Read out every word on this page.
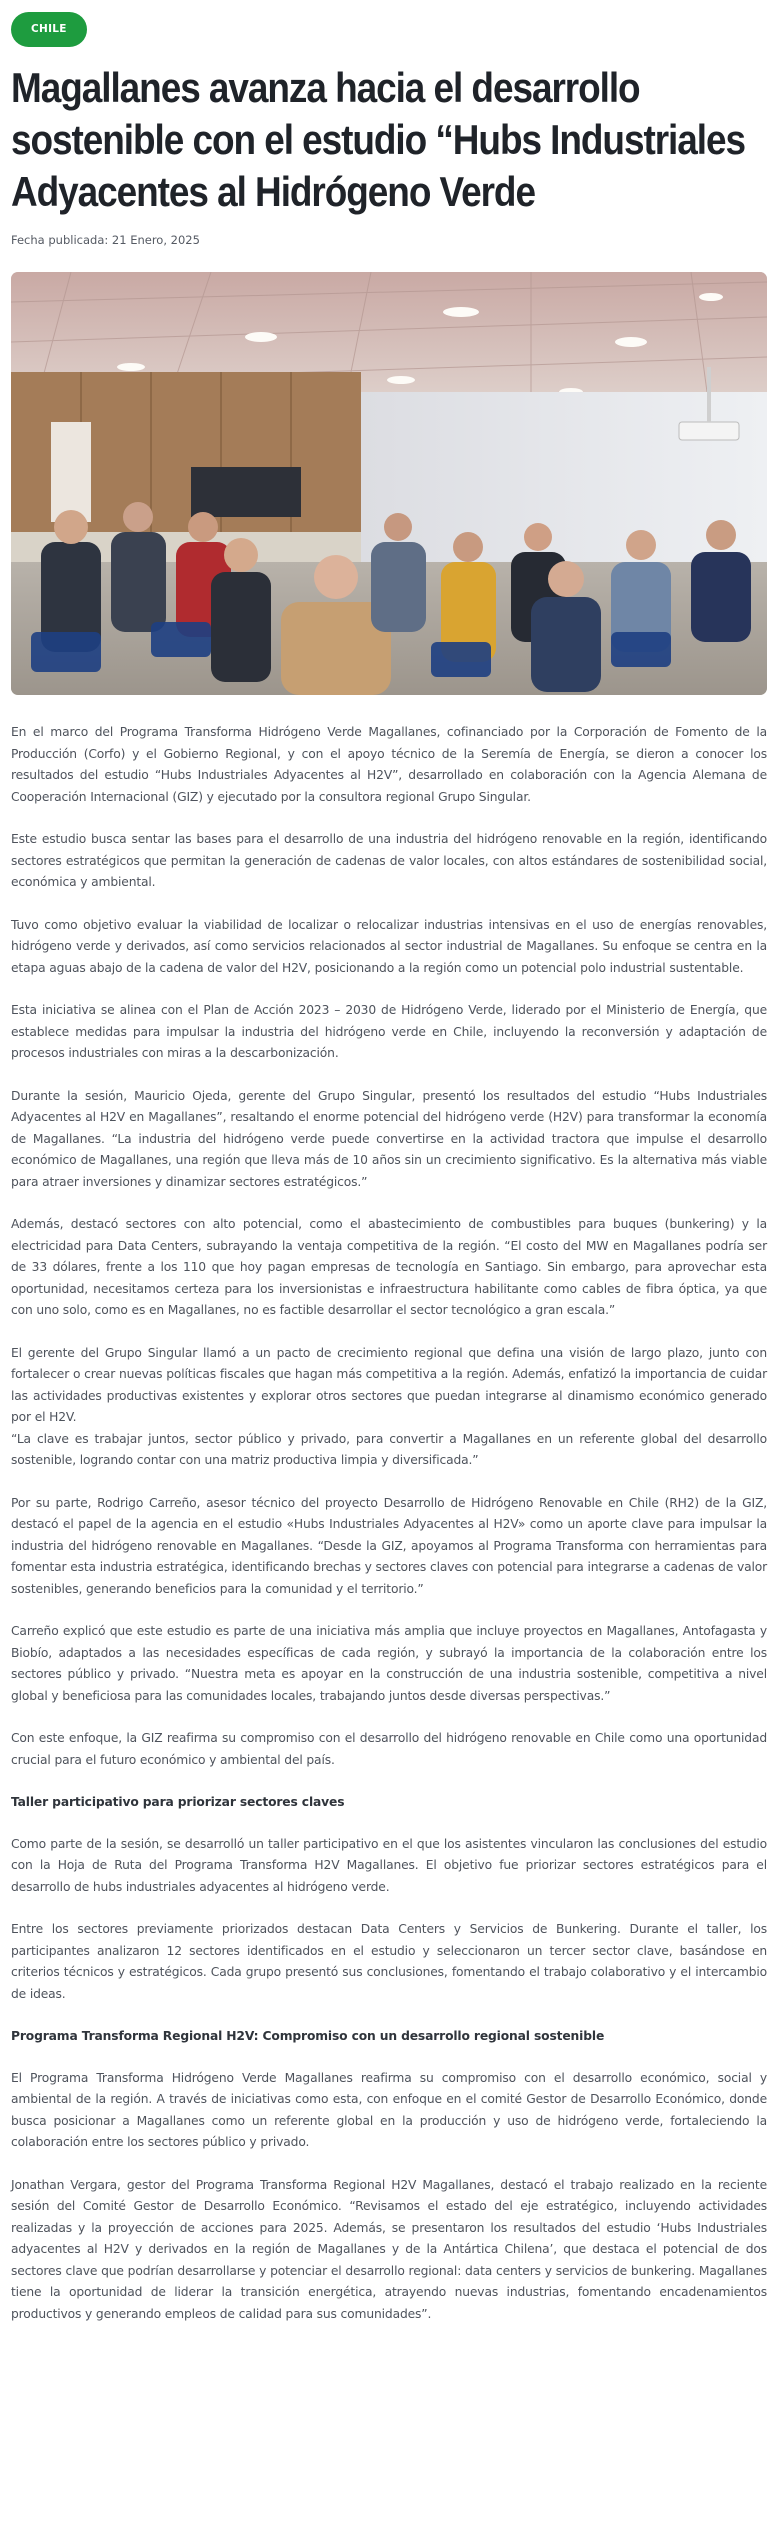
CHILE
Magallanes avanza hacia el desarrollo sostenible con el estudio “Hubs Industriales Adyacentes al Hidrógeno Verde
Fecha publicada: 21 Enero, 2025

En el marco del Programa Transforma Hidrógeno Verde Magallanes, cofinanciado por la Corporación de Fomento de la Producción (Corfo) y el Gobierno Regional, y con el apoyo técnico de la Seremía de Energía, se dieron a conocer los resultados del estudio “Hubs Industriales Adyacentes al H2V”, desarrollado en colaboración con la Agencia Alemana de Cooperación Internacional (GIZ) y ejecutado por la consultora regional Grupo Singular.

Este estudio busca sentar las bases para el desarrollo de una industria del hidrógeno renovable en la región, identificando sectores estratégicos que permitan la generación de cadenas de valor locales, con altos estándares de sostenibilidad social, económica y ambiental.

Tuvo como objetivo evaluar la viabilidad de localizar o relocalizar industrias intensivas en el uso de energías renovables, hidrógeno verde y derivados, así como servicios relacionados al sector industrial de Magallanes. Su enfoque se centra en la etapa aguas abajo de la cadena de valor del H2V, posicionando a la región como un potencial polo industrial sustentable.

Esta iniciativa se alinea con el Plan de Acción 2023 – 2030 de Hidrógeno Verde, liderado por el Ministerio de Energía, que establece medidas para impulsar la industria del hidrógeno verde en Chile, incluyendo la reconversión y adaptación de procesos industriales con miras a la descarbonización.

Durante la sesión, Mauricio Ojeda, gerente del Grupo Singular, presentó los resultados del estudio “Hubs Industriales Adyacentes al H2V en Magallanes”, resaltando el enorme potencial del hidrógeno verde (H2V) para transformar la economía de Magallanes. “La industria del hidrógeno verde puede convertirse en la actividad tractora que impulse el desarrollo económico de Magallanes, una región que lleva más de 10 años sin un crecimiento significativo. Es la alternativa más viable para atraer inversiones y dinamizar sectores estratégicos.”

Además, destacó sectores con alto potencial, como el abastecimiento de combustibles para buques (bunkering) y la electricidad para Data Centers, subrayando la ventaja competitiva de la región. “El costo del MW en Magallanes podría ser de 33 dólares, frente a los 110 que hoy pagan empresas de tecnología en Santiago. Sin embargo, para aprovechar esta oportunidad, necesitamos certeza para los inversionistas e infraestructura habilitante como cables de fibra óptica, ya que con uno solo, como es en Magallanes, no es factible desarrollar el sector tecnológico a gran escala.”

El gerente del Grupo Singular llamó a un pacto de crecimiento regional que defina una visión de largo plazo, junto con fortalecer o crear nuevas políticas fiscales que hagan más competitiva a la región. Además, enfatizó la importancia de cuidar las actividades productivas existentes y explorar otros sectores que puedan integrarse al dinamismo económico generado por el H2V.

“La clave es trabajar juntos, sector público y privado, para convertir a Magallanes en un referente global del desarrollo sostenible, logrando contar con una matriz productiva limpia y diversificada.”

Por su parte, Rodrigo Carreño, asesor técnico del proyecto Desarrollo de Hidrógeno Renovable en Chile (RH2) de la GIZ, destacó el papel de la agencia en el estudio «Hubs Industriales Adyacentes al H2V» como un aporte clave para impulsar la industria del hidrógeno renovable en Magallanes. “Desde la GIZ, apoyamos al Programa Transforma con herramientas para fomentar esta industria estratégica, identificando brechas y sectores claves con potencial para integrarse a cadenas de valor sostenibles, generando beneficios para la comunidad y el territorio.”

Carreño explicó que este estudio es parte de una iniciativa más amplia que incluye proyectos en Magallanes, Antofagasta y Biobío, adaptados a las necesidades específicas de cada región, y subrayó la importancia de la colaboración entre los sectores público y privado. “Nuestra meta es apoyar en la construcción de una industria sostenible, competitiva a nivel global y beneficiosa para las comunidades locales, trabajando juntos desde diversas perspectivas.”

Con este enfoque, la GIZ reafirma su compromiso con el desarrollo del hidrógeno renovable en Chile como una oportunidad crucial para el futuro económico y ambiental del país.

Taller participativo para priorizar sectores claves

Como parte de la sesión, se desarrolló un taller participativo en el que los asistentes vincularon las conclusiones del estudio con la Hoja de Ruta del Programa Transforma H2V Magallanes. El objetivo fue priorizar sectores estratégicos para el desarrollo de hubs industriales adyacentes al hidrógeno verde.

Entre los sectores previamente priorizados destacan Data Centers y Servicios de Bunkering. Durante el taller, los participantes analizaron 12 sectores identificados en el estudio y seleccionaron un tercer sector clave, basándose en criterios técnicos y estratégicos. Cada grupo presentó sus conclusiones, fomentando el trabajo colaborativo y el intercambio de ideas.

Programa Transforma Regional H2V: Compromiso con un desarrollo regional sostenible

El Programa Transforma Hidrógeno Verde Magallanes reafirma su compromiso con el desarrollo económico, social y ambiental de la región. A través de iniciativas como esta, con enfoque en el comité Gestor de Desarrollo Económico, donde busca posicionar a Magallanes como un referente global en la producción y uso de hidrógeno verde, fortaleciendo la colaboración entre los sectores público y privado.

Jonathan Vergara, gestor del Programa Transforma Regional H2V Magallanes, destacó el trabajo realizado en la reciente sesión del Comité Gestor de Desarrollo Económico. “Revisamos el estado del eje estratégico, incluyendo actividades realizadas y la proyección de acciones para 2025. Además, se presentaron los resultados del estudio ‘Hubs Industriales adyacentes al H2V y derivados en la región de Magallanes y de la Antártica Chilena’, que destaca el potencial de dos sectores clave que podrían desarrollarse y potenciar el desarrollo regional: data centers y servicios de bunkering. Magallanes tiene la oportunidad de liderar la transición energética, atrayendo nuevas industrias, fomentando encadenamientos productivos y generando empleos de calidad para sus comunidades”.
